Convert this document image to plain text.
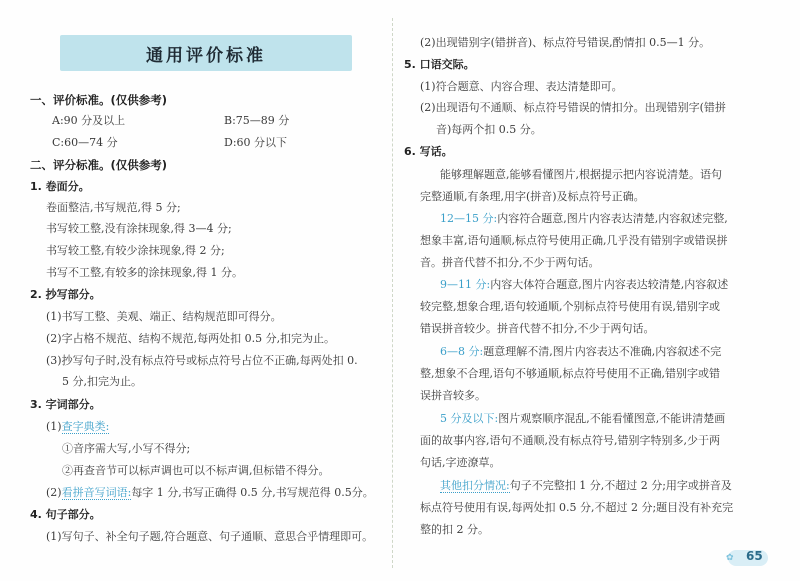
通用评价标准
一、评价标准。(仅供参考)
A:90 分及以上	B:75—89 分
C:60—74 分	D:60 分以下
二、评分标准。(仅供参考)
1. 卷面分。
卷面整洁,书写规范,得 5 分;
书写较工整,没有涂抹现象,得 3—4 分;
书写较工整,有较少涂抹现象,得 2 分;
书写不工整,有较多的涂抹现象,得 1 分。
2. 抄写部分。
(1)书写工整、美观、端正、结构规范即可得分。
(2)字占格不规范、结构不规范,每两处扣 0.5 分,扣完为止。
(3)抄写句子时,没有标点符号或标点符号占位不正确,每两处扣 0.
5 分,扣完为止。
3. 字词部分。
(1)查字典类:
①音序需大写,小写不得分;
②再查音节可以标声调也可以不标声调,但标错不得分。
(2)看拼音写词语:每字 1 分,书写正确得 0.5 分,书写规范得 0.5分。
4. 句子部分。
(1)写句子、补全句子题,符合题意、句子通顺、意思合乎情理即可。
(2)出现错别字(错拼音)、标点符号错误,酌情扣 0.5—1 分。
5. 口语交际。
(1)符合题意、内容合理、表达清楚即可。
(2)出现语句不通顺、标点符号错误的情扣分。出现错别字(错拼
音)每两个扣 0.5 分。
6. 写话。
能够理解题意,能够看懂图片,根据提示把内容说清楚。语句
完整通顺,有条理,用字(拼音)及标点符号正确。
12—15 分:内容符合题意,图片内容表达清楚,内容叙述完整,
想象丰富,语句通顺,标点符号使用正确,几乎没有错别字或错误拼
音。拼音代替不扣分,不少于两句话。
9—11 分:内容大体符合题意,图片内容表达较清楚,内容叙述
较完整,想象合理,语句较通顺,个别标点符号使用有误,错别字或
错误拼音较少。拼音代替不扣分,不少于两句话。
6—8 分:题意理解不清,图片内容表达不准确,内容叙述不完
整,想象不合理,语句不够通顺,标点符号使用不正确,错别字或错
误拼音较多。
5 分及以下:图片观察顺序混乱,不能看懂图意,不能讲清楚画
面的故事内容,语句不通顺,没有标点符号,错别字特别多,少于两
句话,字迹潦草。
其他扣分情况:句子不完整扣 1 分,不超过 2 分;用字或拼音及
标点符号使用有误,每两处扣 0.5 分,不超过 2 分;题目没有补充完
整的扣 2 分。
✿ 65
